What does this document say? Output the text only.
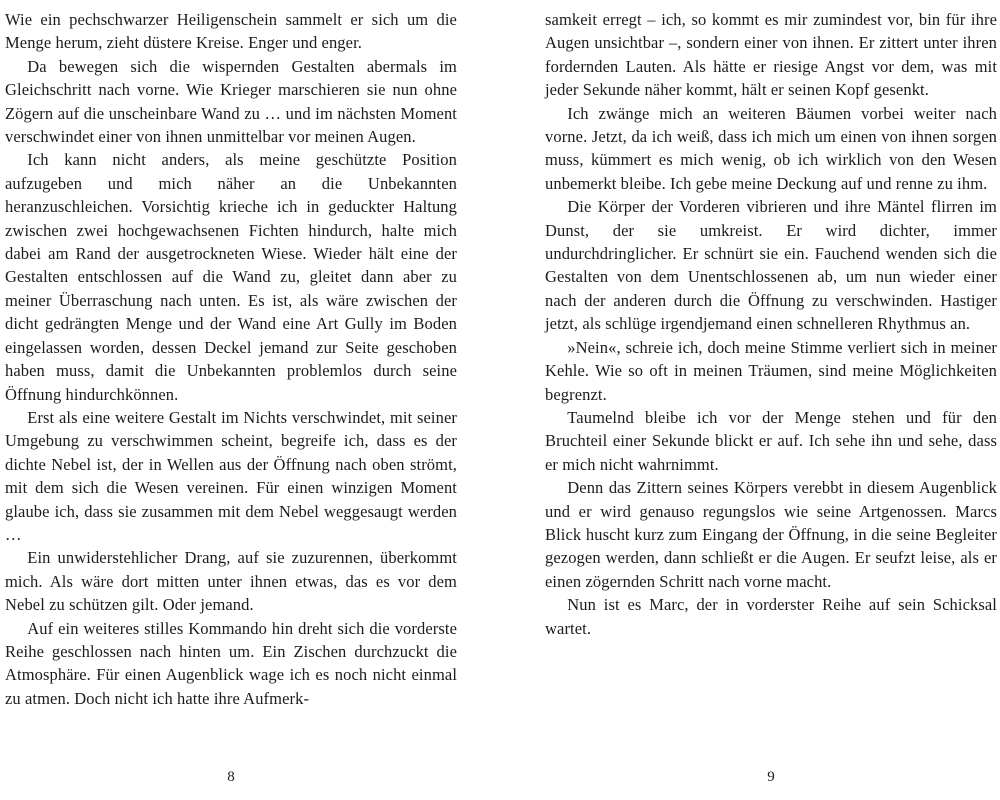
Wie ein pechschwarzer Heiligenschein sammelt er sich um die Menge herum, zieht düstere Kreise. Enger und enger.

Da bewegen sich die wispernden Gestalten abermals im Gleichschritt nach vorne. Wie Krieger marschieren sie nun ohne Zögern auf die unscheinbare Wand zu … und im nächsten Moment verschwindet einer von ihnen unmittelbar vor meinen Augen.

Ich kann nicht anders, als meine geschützte Position aufzugeben und mich näher an die Unbekannten heranzuschleichen. Vorsichtig krieche ich in geduckter Haltung zwischen zwei hochgewachsenen Fichten hindurch, halte mich dabei am Rand der ausgetrockneten Wiese. Wieder hält eine der Gestalten entschlossen auf die Wand zu, gleitet dann aber zu meiner Überraschung nach unten. Es ist, als wäre zwischen der dicht gedrängten Menge und der Wand eine Art Gully im Boden eingelassen worden, dessen Deckel jemand zur Seite geschoben haben muss, damit die Unbekannten problemlos durch seine Öffnung hindurchkönnen.

Erst als eine weitere Gestalt im Nichts verschwindet, mit seiner Umgebung zu verschwimmen scheint, begreife ich, dass es der dichte Nebel ist, der in Wellen aus der Öffnung nach oben strömt, mit dem sich die Wesen vereinen. Für einen winzigen Moment glaube ich, dass sie zusammen mit dem Nebel weggesaugt werden …

Ein unwiderstehlicher Drang, auf sie zuzurennen, überkommt mich. Als wäre dort mitten unter ihnen etwas, das es vor dem Nebel zu schützen gilt. Oder jemand.

Auf ein weiteres stilles Kommando hin dreht sich die vorderste Reihe geschlossen nach hinten um. Ein Zischen durchzuckt die Atmosphäre. Für einen Augenblick wage ich es noch nicht einmal zu atmen. Doch nicht ich hatte ihre Aufmerk-

8

samkeit erregt – ich, so kommt es mir zumindest vor, bin für ihre Augen unsichtbar –, sondern einer von ihnen. Er zittert unter ihren fordernden Lauten. Als hätte er riesige Angst vor dem, was mit jeder Sekunde näher kommt, hält er seinen Kopf gesenkt.

Ich zwänge mich an weiteren Bäumen vorbei weiter nach vorne. Jetzt, da ich weiß, dass ich mich um einen von ihnen sorgen muss, kümmert es mich wenig, ob ich wirklich von den Wesen unbemerkt bleibe. Ich gebe meine Deckung auf und renne zu ihm.

Die Körper der Vorderen vibrieren und ihre Mäntel flirren im Dunst, der sie umkreist. Er wird dichter, immer undurchdringlicher. Er schnürt sie ein. Fauchend wenden sich die Gestalten von dem Unentschlossenen ab, um nun wieder einer nach der anderen durch die Öffnung zu verschwinden. Hastiger jetzt, als schlüge irgendjemand einen schnelleren Rhythmus an.

»Nein«, schreie ich, doch meine Stimme verliert sich in meiner Kehle. Wie so oft in meinen Träumen, sind meine Möglichkeiten begrenzt.

Taumelnd bleibe ich vor der Menge stehen und für den Bruchteil einer Sekunde blickt er auf. Ich sehe ihn und sehe, dass er mich nicht wahrnimmt.

Denn das Zittern seines Körpers verebbt in diesem Augenblick und er wird genauso regungslos wie seine Artgenossen. Marcs Blick huscht kurz zum Eingang der Öffnung, in die seine Begleiter gezogen werden, dann schließt er die Augen. Er seufzt leise, als er einen zögernden Schritt nach vorne macht.

Nun ist es Marc, der in vorderster Reihe auf sein Schicksal wartet.

9
